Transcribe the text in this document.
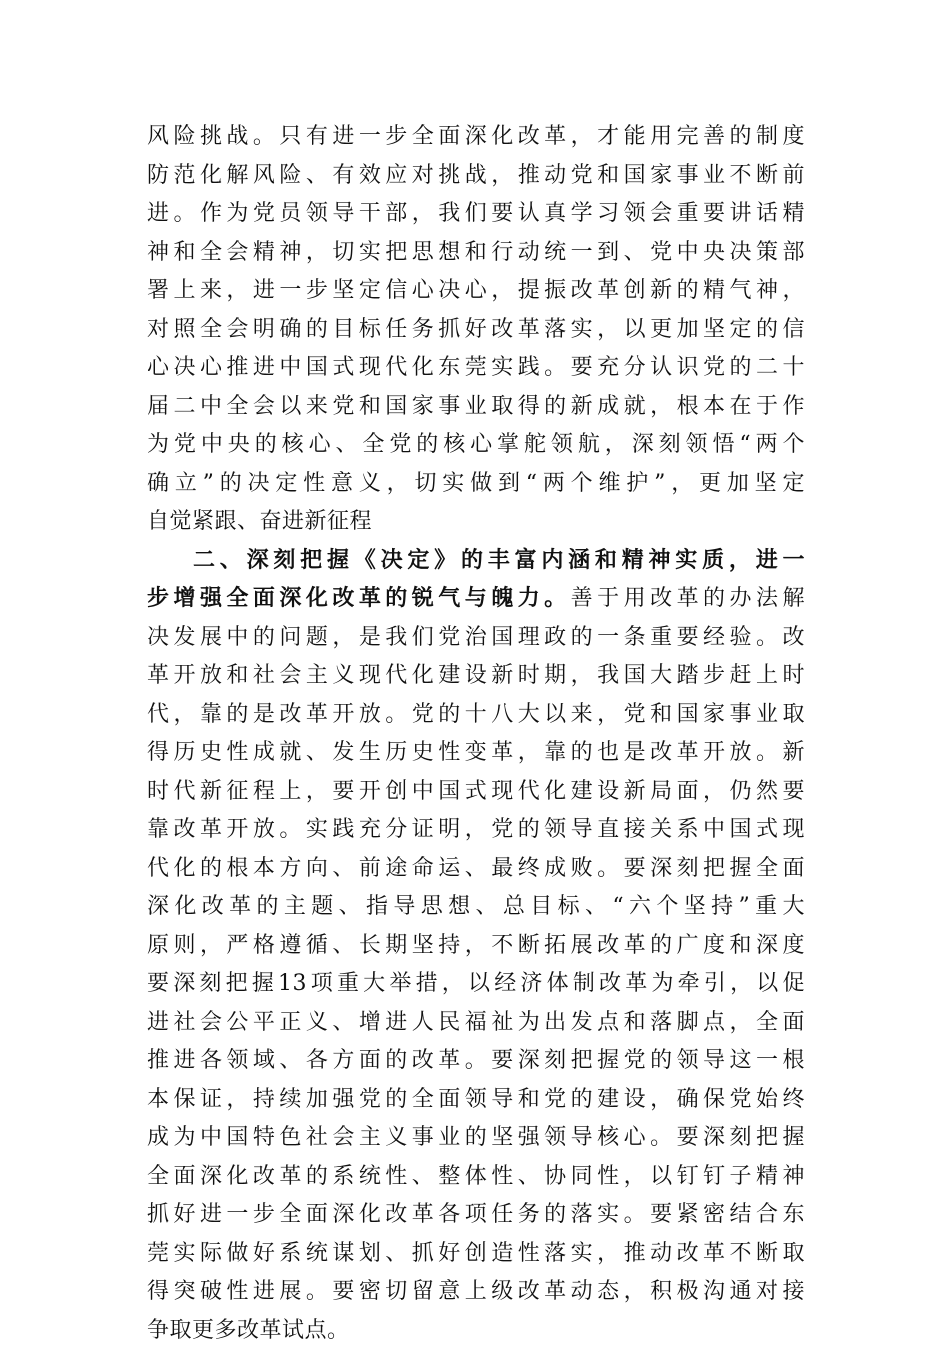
风险挑战。只有进一步全面深化改革，才能用完善的制度
防范化解风险、有效应对挑战，推动党和国家事业不断前
进。作为党员领导干部，我们要认真学习领会重要讲话精
神和全会精神，切实把思想和行动统一到、党中央决策部
署上来，进一步坚定信心决心，提振改革创新的精气神，
对照全会明确的目标任务抓好改革落实，以更加坚定的信
心决心推进中国式现代化东莞实践。要充分认识党的二十
届二中全会以来党和国家事业取得的新成就，根本在于作
为党中央的核心、全党的核心掌舵领航，深刻领悟“两个
确立”的决定性意义，切实做到“两个维护”，更加坚定
自觉紧跟、奋进新征程
二、深刻把握《决定》的丰富内涵和精神实质，进一
步增强全面深化改革的锐气与魄力。善于用改革的办法解
决发展中的问题，是我们党治国理政的一条重要经验。改
革开放和社会主义现代化建设新时期，我国大踏步赶上时
代，靠的是改革开放。党的十八大以来，党和国家事业取
得历史性成就、发生历史性变革，靠的也是改革开放。新
时代新征程上，要开创中国式现代化建设新局面，仍然要
靠改革开放。实践充分证明，党的领导直接关系中国式现
代化的根本方向、前途命运、最终成败。要深刻把握全面
深化改革的主题、指导思想、总目标、“六个坚持”重大
原则，严格遵循、长期坚持，不断拓展改革的广度和深度
要深刻把握13项重大举措，以经济体制改革为牵引，以促
进社会公平正义、增进人民福祉为出发点和落脚点，全面
推进各领域、各方面的改革。要深刻把握党的领导这一根
本保证，持续加强党的全面领导和党的建设，确保党始终
成为中国特色社会主义事业的坚强领导核心。要深刻把握
全面深化改革的系统性、整体性、协同性，以钉钉子精神
抓好进一步全面深化改革各项任务的落实。要紧密结合东
莞实际做好系统谋划、抓好创造性落实，推动改革不断取
得突破性进展。要密切留意上级改革动态，积极沟通对接
争取更多改革试点。
